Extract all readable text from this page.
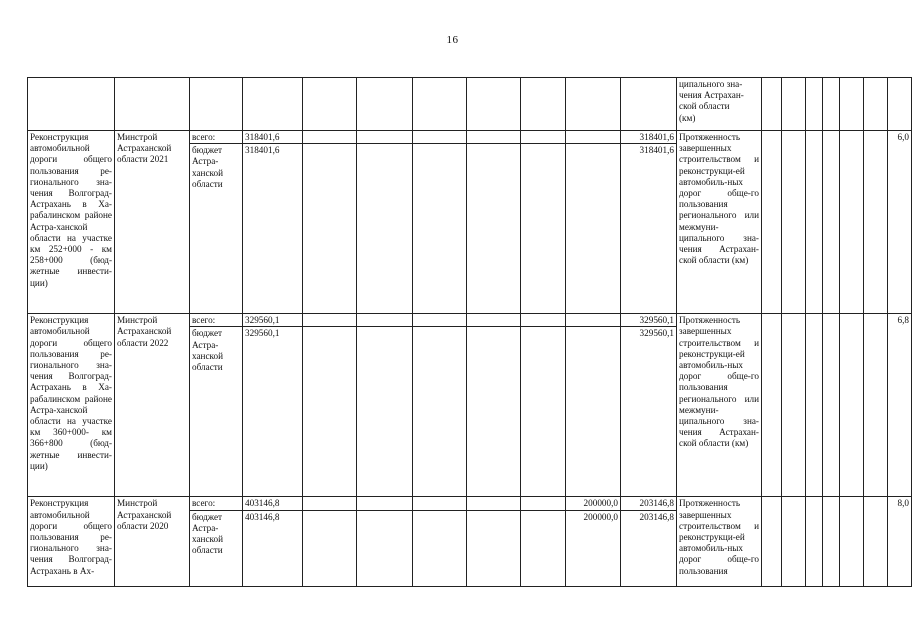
16
											ципального зна-
чения Астрахан-
ской области
(км)							
Реконструкция автомобильной дороги общего пользования ре-гионального зна-чения Волгоград-Астрахань в Ха-рабалинском районе Астра-ханской области на участке км 252+000 - км 258+000 (бюд-жетные инвести-ции)	Минстрой Астраханской области 2021	всего:	318401,6							318401,6	Протяженность завершенных строительством и реконструкци-ей автомобиль-ных дорог обще-го пользования регионального или межмуни-ципального зна-чения Астрахан-ской области (км)							6,0
		бюджет Астра-ханской области	318401,6							318401,6								
Реконструкция автомобильной дороги общего пользования ре-гионального зна-чения Волгоград-Астрахань в Ха-рабалинском районе Астра-ханской области на участке км 360+000- км 366+800 (бюд-жетные инвести-ции)	Минстрой Астраханской области 2022	всего:	329560,1							329560,1	Протяженность завершенных строительством и реконструкци-ей автомобиль-ных дорог обще-го пользования регионального или межмуни-ципального зна-чения Астрахан-ской области (км)							6,8
		бюджет Астра-ханской области	329560,1							329560,1								
Реконструкция автомобильной дороги общего пользования ре-гионального зна-чения Волгоград-Астрахань в Ах-	Минстрой Астраханской области 2020	всего:	403146,8						200000,0	203146,8	Протяженность завершенных строительством и реконструкци-ей автомобиль-ных дорог обще-го пользования							8,0
		бюджет Астра-ханской области	403146,8						200000,0	203146,8								
